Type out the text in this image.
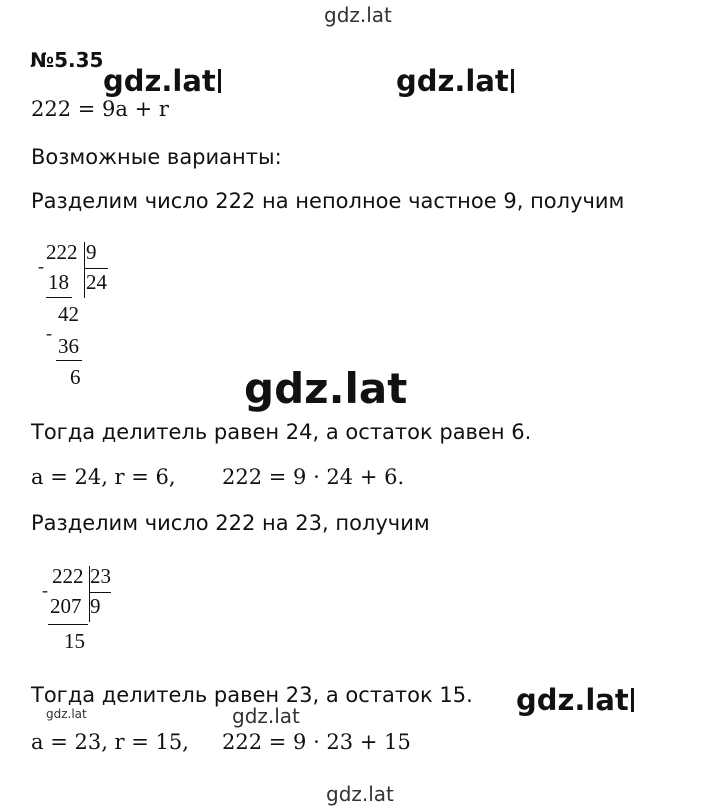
gdz.lat
gdz.lat	gdz.lat
gdz.lat
gdz.lat
gdz.lat	gdz.lat
gdz.lat
№5.35
222 = 9a + r
Возможные варианты:
Разделим число 222 на неполное частное 9, получим
222 9
-
18 24
42
-
36
6
Тогда делитель равен 24, а остаток равен 6.
a = 24, r = 6, 222 = 9 · 24 + 6.
Разделим число 222 на 23, получим
222 23
-
207 9
15
Тогда делитель равен 23, а остаток 15.
a = 23, r = 15, 222 = 9 · 23 + 15
